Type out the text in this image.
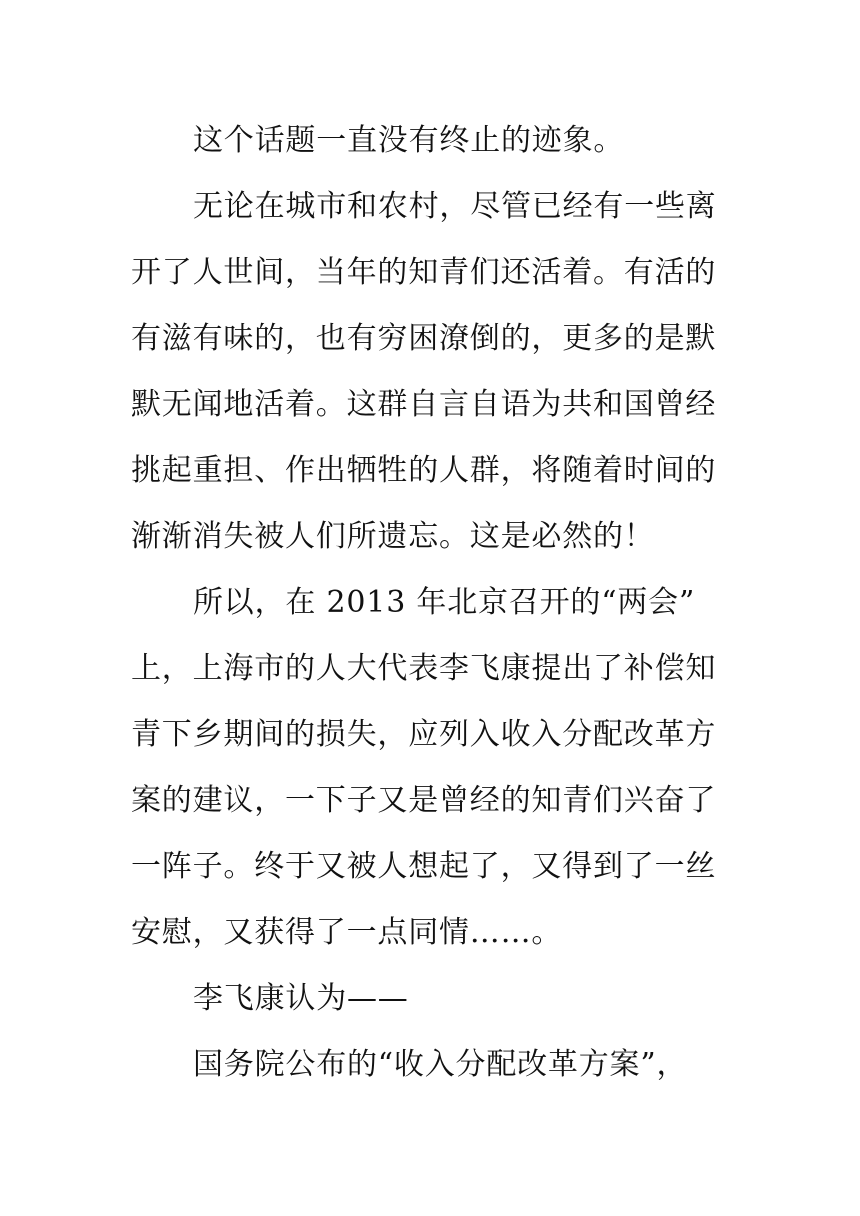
这个话题一直没有终止的迹象。
无论在城市和农村，尽管已经有一些离
开了人世间，当年的知青们还活着。有活的
有滋有味的，也有穷困潦倒的，更多的是默
默无闻地活着。这群自言自语为共和国曾经
挑起重担、作出牺牲的人群，将随着时间的
渐渐消失被人们所遗忘。这是必然的！
所以，在 2013 年北京召开的“两会”
上，上海市的人大代表李飞康提出了补偿知
青下乡期间的损失，应列入收入分配改革方
案的建议，一下子又是曾经的知青们兴奋了
一阵子。终于又被人想起了，又得到了一丝
安慰，又获得了一点同情……。
李飞康认为——
国务院公布的“收入分配改革方案”，
